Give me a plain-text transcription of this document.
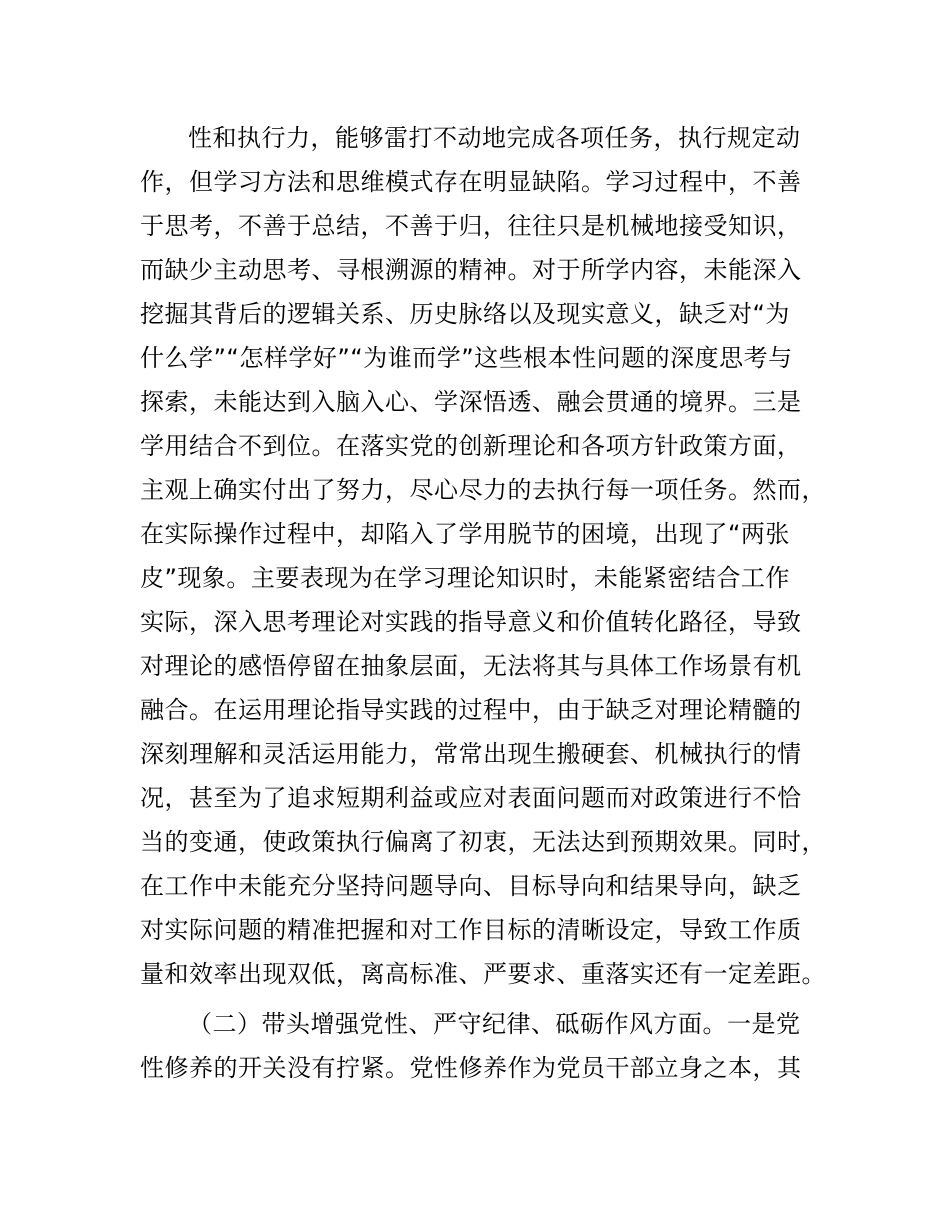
性和执行力，能够雷打不动地完成各项任务，执行规定动
作，但学习方法和思维模式存在明显缺陷。学习过程中，不善
于思考，不善于总结，不善于归，往往只是机械地接受知识，
而缺少主动思考、寻根溯源的精神。对于所学内容，未能深入
挖掘其背后的逻辑关系、历史脉络以及现实意义，缺乏对“为
什么学”“怎样学好”“为谁而学”这些根本性问题的深度思考与
探索，未能达到入脑入心、学深悟透、融会贯通的境界。三是
学用结合不到位。在落实党的创新理论和各项方针政策方面，
主观上确实付出了努力，尽心尽力的去执行每一项任务。然而，
在实际操作过程中，却陷入了学用脱节的困境，出现了“两张
皮”现象。主要表现为在学习理论知识时，未能紧密结合工作
实际，深入思考理论对实践的指导意义和价值转化路径，导致
对理论的感悟停留在抽象层面，无法将其与具体工作场景有机
融合。在运用理论指导实践的过程中，由于缺乏对理论精髓的
深刻理解和灵活运用能力，常常出现生搬硬套、机械执行的情
况，甚至为了追求短期利益或应对表面问题而对政策进行不恰
当的变通，使政策执行偏离了初衷，无法达到预期效果。同时，
在工作中未能充分坚持问题导向、目标导向和结果导向，缺乏
对实际问题的精准把握和对工作目标的清晰设定，导致工作质
量和效率出现双低，离高标准、严要求、重落实还有一定差距。
（二）带头增强党性、严守纪律、砥砺作风方面。一是党
性修养的开关没有拧紧。党性修养作为党员干部立身之本，其
